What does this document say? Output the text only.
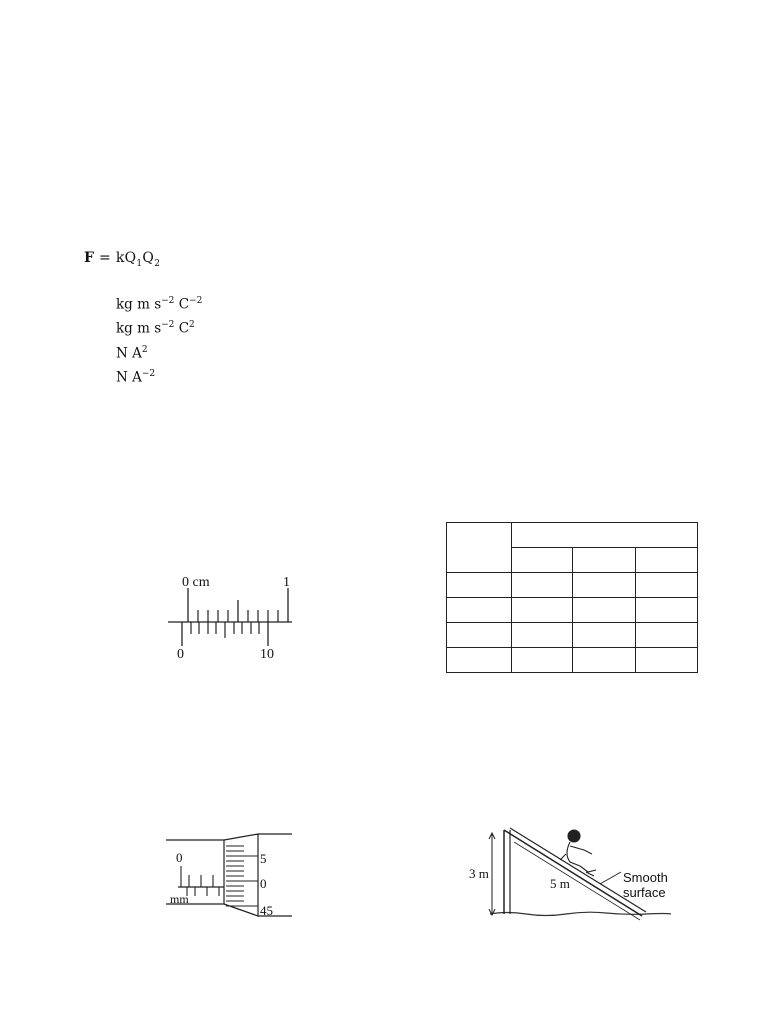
$F = kQ_1Q_2$
kg m $s^{-2}$ $C^{-2}$
kg m $s^{-2}$ $C^2$
N $A^2$
N $A^{-2}$
0 cm	1
0	10

0
mm
5
0
45
3 m
5 m	Smooth
surface
